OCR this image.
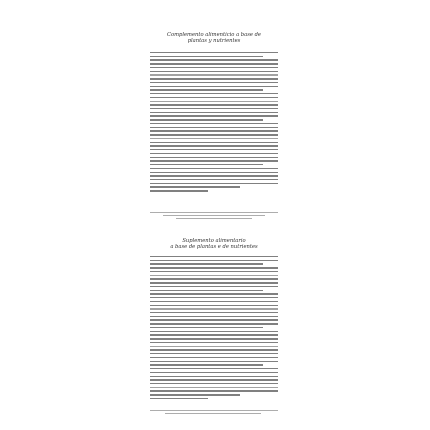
Complemento alimenticio a base de
plantas y nutrientes
Suplemento alimentario
a base de plantas e de nutrientes
